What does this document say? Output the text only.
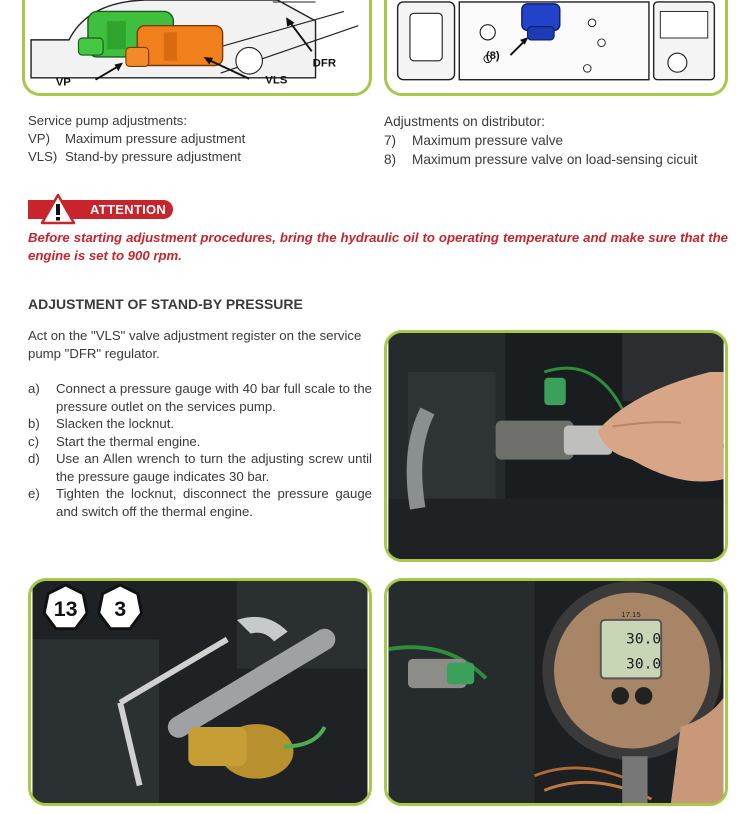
VP	VLS
DFR
(8)
Service pump adjustments:
VP)	Maximum pressure adjustment
VLS) Stand-by pressure adjustment
Adjustments on distributor:
7)	Maximum pressure valve
8)	Maximum pressure valve on load-sensing cicuit
ATTENTION
Before starting adjustment procedures, bring the hydraulic oil to operating temperature and make sure that the engine is set to 900 rpm.
ADJUSTMENT OF STAND-BY PRESSURE
Act on the "VLS" valve adjustment register on the service pump "DFR" regulator.
a)	Connect a pressure gauge with 40 bar full scale to the pressure outlet on the services pump.
b)	Slacken the locknut.
c)	Start the thermal engine.
d)	Use an Allen wrench to turn the adjusting screw until the pressure gauge indicates 30 bar.
e)	Tighten the locknut, disconnect the pressure gauge and switch off the thermal engine.
13 3	17.15
30.0
30.0
